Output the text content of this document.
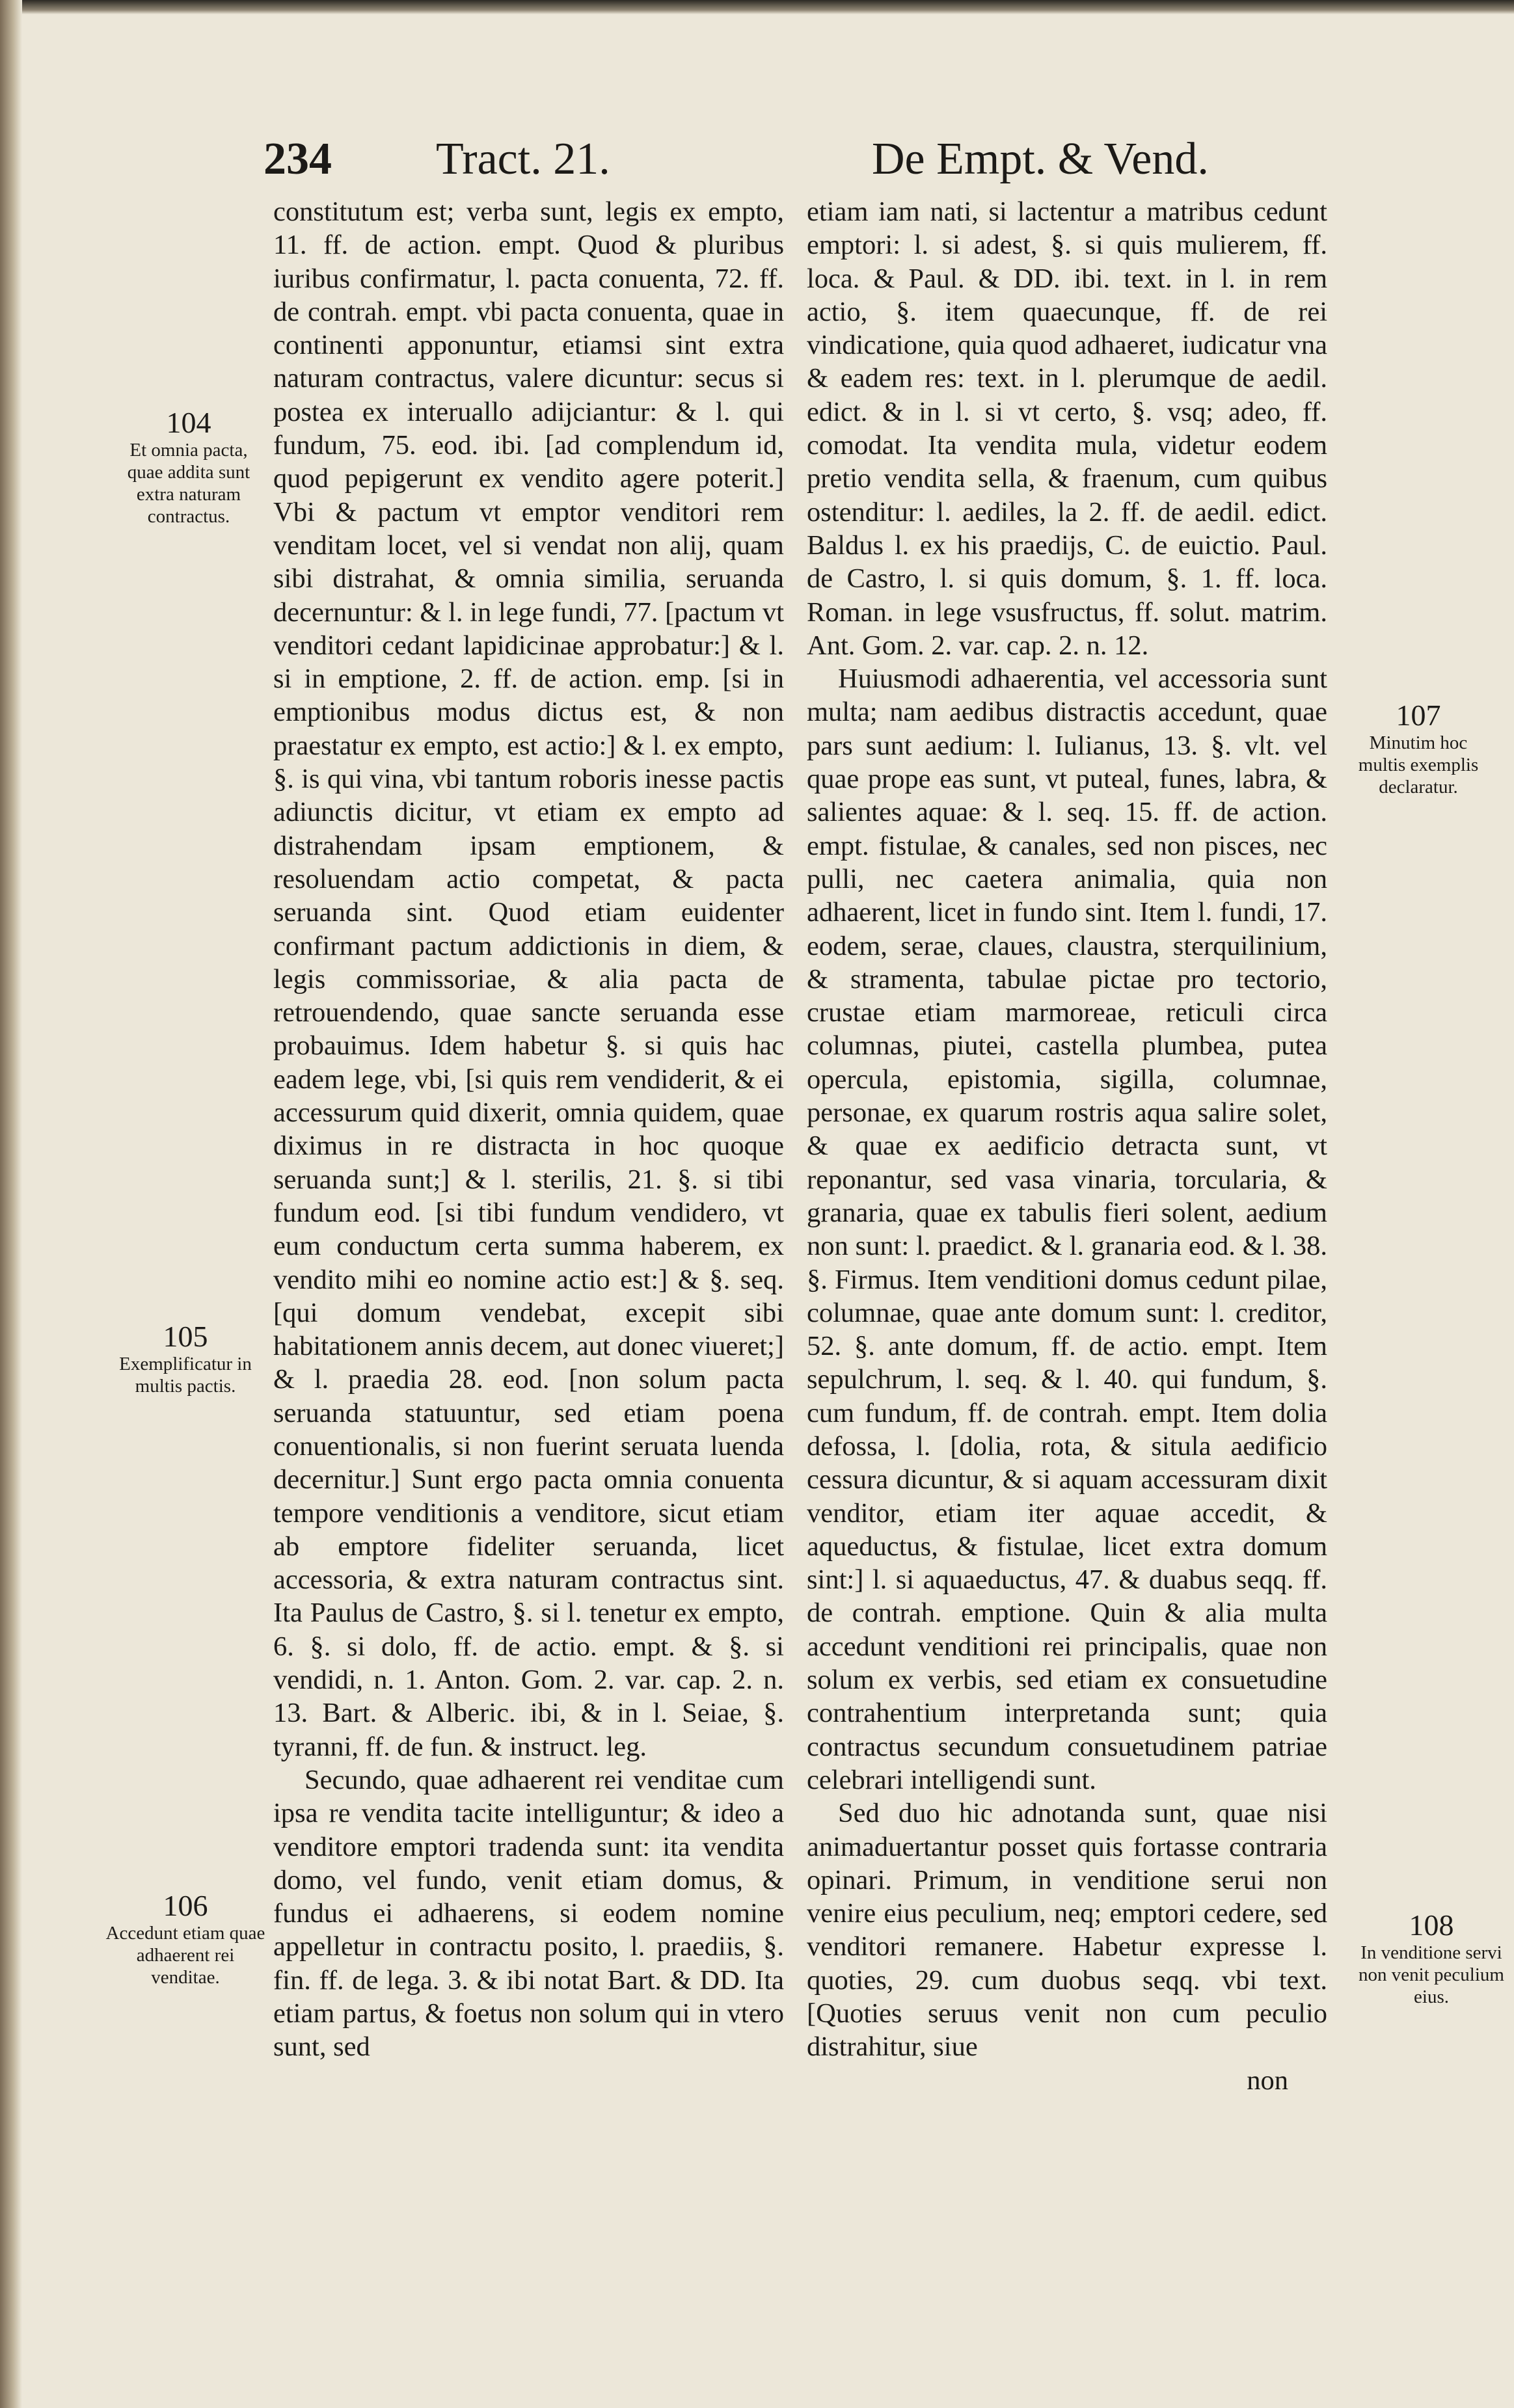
234 Tract. 21.	De Empt. & Vend.
104
Et omnia pacta, quae addita sunt extra naturam contractus.
105
Exemplificatur in multis pactis.
106
Accedunt etiam quae adhaerent rei venditae.
107
Minutim hoc multis exemplis declaratur.
108
In venditione servi non venit peculium eius.

constitutum est; verba sunt, legis ex empto, 11. ff. de action. empt. Quod & pluribus iuribus confirmatur, l. pacta conuenta, 72. ff. de contrah. empt. vbi pacta conuenta, quae in continenti apponuntur, etiamsi sint extra naturam contractus, valere dicuntur: secus si postea ex interuallo adijciantur: & l. qui fundum, 75. eod. ibi. [ad complendum id, quod pepigerunt ex vendito agere poterit.] Vbi & pactum vt emptor venditori rem venditam locet, vel si vendat non alij, quam sibi distrahat, & omnia similia, seruanda decernuntur: & l. in lege fundi, 77. [pactum vt venditori cedant lapidicinae approbatur:] & l. si in emptione, 2. ff. de action. emp. [si in emptionibus modus dictus est, & non praestatur ex empto, est actio:] & l. ex empto, §. is qui vina, vbi tantum roboris inesse pactis adiunctis dicitur, vt etiam ex empto ad distrahendam ipsam emptionem, & resoluendam actio competat, & pacta seruanda sint. Quod etiam euidenter confirmant pactum addictionis in diem, & legis commissoriae, & alia pacta de retrouendendo, quae sancte seruanda esse probauimus. Idem habetur §. si quis hac eadem lege, vbi, [si quis rem vendiderit, & ei accessurum quid dixerit, omnia quidem, quae diximus in re distracta in hoc quoque seruanda sunt;] & l. sterilis, 21. §. si tibi fundum eod. [si tibi fundum vendidero, vt eum conductum certa summa haberem, ex vendito mihi eo nomine actio est:] & §. seq. [qui domum vendebat, excepit sibi habitationem annis decem, aut donec viueret;] & l. praedia 28. eod. [non solum pacta seruanda statuuntur, sed etiam poena conuentionalis, si non fuerint seruata luenda decernitur.] Sunt ergo pacta omnia conuenta tempore venditionis a venditore, sicut etiam ab emptore fideliter seruanda, licet accessoria, & extra naturam contractus sint. Ita Paulus de Castro, §. si l. tenetur ex empto, 6. §. si dolo, ff. de actio. empt. & §. si vendidi, n. 1. Anton. Gom. 2. var. cap. 2. n. 13. Bart. & Alberic. ibi, & in l. Seiae, §. tyranni, ff. de fun. & instruct. leg.

Secundo, quae adhaerent rei venditae cum ipsa re vendita tacite intelliguntur; & ideo a venditore emptori tradenda sunt: ita vendita domo, vel fundo, venit etiam domus, & fundus ei adhaerens, si eodem nomine appelletur in contractu posito, l. praediis, §. fin. ff. de lega. 3. & ibi notat Bart. & DD. Ita etiam partus, & foetus non solum qui in vtero sunt, sed

etiam iam nati, si lactentur a matribus cedunt emptori: l. si adest, §. si quis mulierem, ff. loca. & Paul. & DD. ibi. text. in l. in rem actio, §. item quaecunque, ff. de rei vindicatione, quia quod adhaeret, iudicatur vna & eadem res: text. in l. plerumque de aedil. edict. & in l. si vt certo, §. vsq; adeo, ff. comodat. Ita vendita mula, videtur eodem pretio vendita sella, & fraenum, cum quibus ostenditur: l. aediles, la 2. ff. de aedil. edict. Baldus l. ex his praedijs, C. de euictio. Paul. de Castro, l. si quis domum, §. 1. ff. loca. Roman. in lege vsusfructus, ff. solut. matrim. Ant. Gom. 2. var. cap. 2. n. 12.

Huiusmodi adhaerentia, vel accessoria sunt multa; nam aedibus distractis accedunt, quae pars sunt aedium: l. Iulianus, 13. §. vlt. vel quae prope eas sunt, vt puteal, funes, labra, & salientes aquae: & l. seq. 15. ff. de action. empt. fistulae, & canales, sed non pisces, nec pulli, nec caetera animalia, quia non adhaerent, licet in fundo sint. Item l. fundi, 17. eodem, serae, claues, claustra, sterquilinium, & stramenta, tabulae pictae pro tectorio, crustae etiam marmoreae, reticuli circa columnas, piutei, castella plumbea, putea opercula, epistomia, sigilla, columnae, personae, ex quarum rostris aqua salire solet, & quae ex aedificio detracta sunt, vt reponantur, sed vasa vinaria, torcularia, & granaria, quae ex tabulis fieri solent, aedium non sunt: l. praedict. & l. granaria eod. & l. 38. §. Firmus. Item venditioni domus cedunt pilae, columnae, quae ante domum sunt: l. creditor, 52. §. ante domum, ff. de actio. empt. Item sepulchrum, l. seq. & l. 40. qui fundum, §. cum fundum, ff. de contrah. empt. Item dolia defossa, l. [dolia, rota, & situla aedificio cessura dicuntur, & si aquam accessuram dixit venditor, etiam iter aquae accedit, & aqueductus, & fistulae, licet extra domum sint:] l. si aquaeductus, 47. & duabus seqq. ff. de contrah. emptione. Quin & alia multa accedunt venditioni rei principalis, quae non solum ex verbis, sed etiam ex consuetudine contrahentium interpretanda sunt; quia contractus secundum consuetudinem patriae celebrari intelligendi sunt.

Sed duo hic adnotanda sunt, quae nisi animaduertantur posset quis fortasse contraria opinari. Primum, in venditione serui non venire eius peculium, neq; emptori cedere, sed venditori remanere. Habetur expresse l. quoties, 29. cum duobus seqq. vbi text. [Quoties seruus venit non cum peculio distrahitur, siue

non
